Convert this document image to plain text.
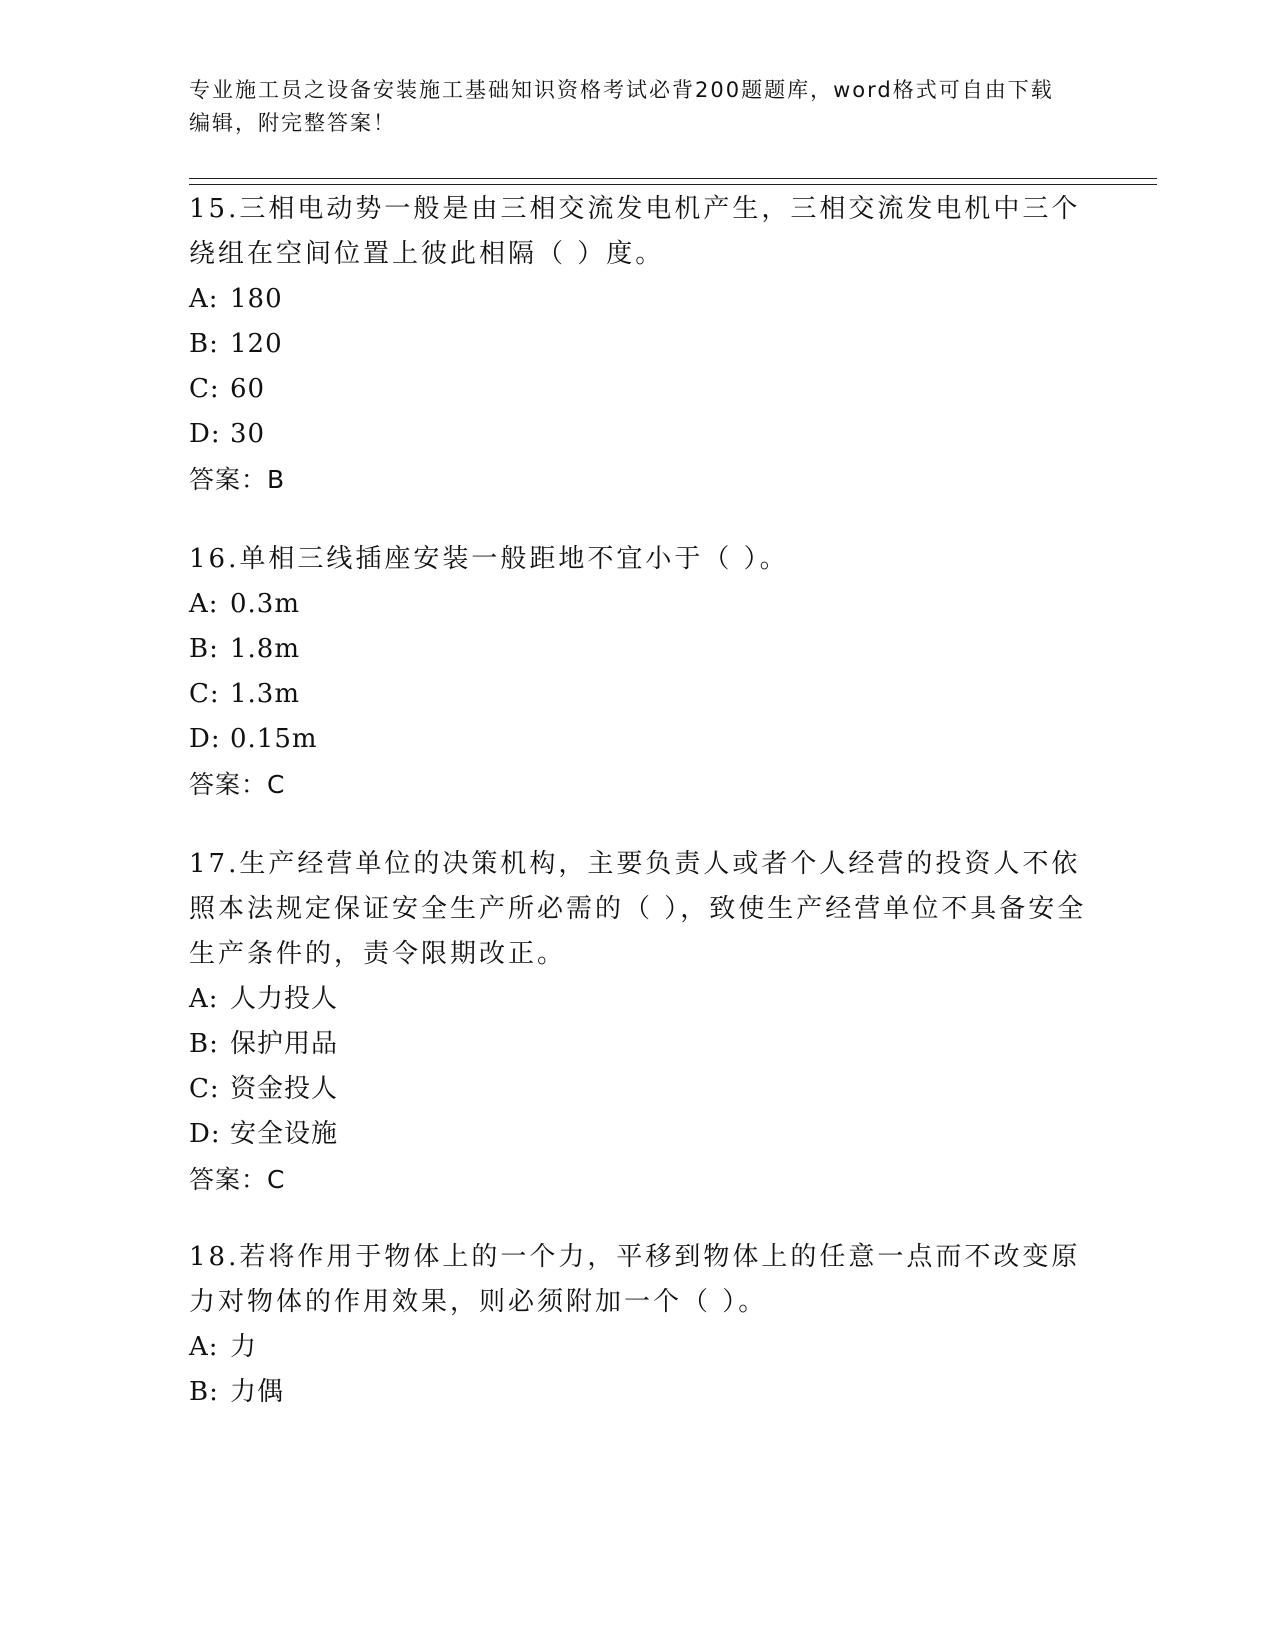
专业施工员之设备安装施工基础知识资格考试必背200题题库，word格式可自由下载编辑，附完整答案！
15.三相电动势一般是由三相交流发电机产生，三相交流发电机中三个绕组在空间位置上彼此相隔（ ）度。
A: 180
B: 120
C: 60
D: 30
答案：B
16.单相三线插座安装一般距地不宜小于（ ）。
A: 0.3m
B: 1.8m
C: 1.3m
D: 0.15m
答案：C
17.生产经营单位的决策机构，主要负责人或者个人经营的投资人不依照本法规定保证安全生产所必需的（ ），致使生产经营单位不具备安全生产条件的，责令限期改正。
A: 人力投人
B: 保护用品
C: 资金投人
D: 安全设施
答案：C
18.若将作用于物体上的一个力，平移到物体上的任意一点而不改变原力对物体的作用效果，则必须附加一个（ ）。
A: 力
B: 力偶
